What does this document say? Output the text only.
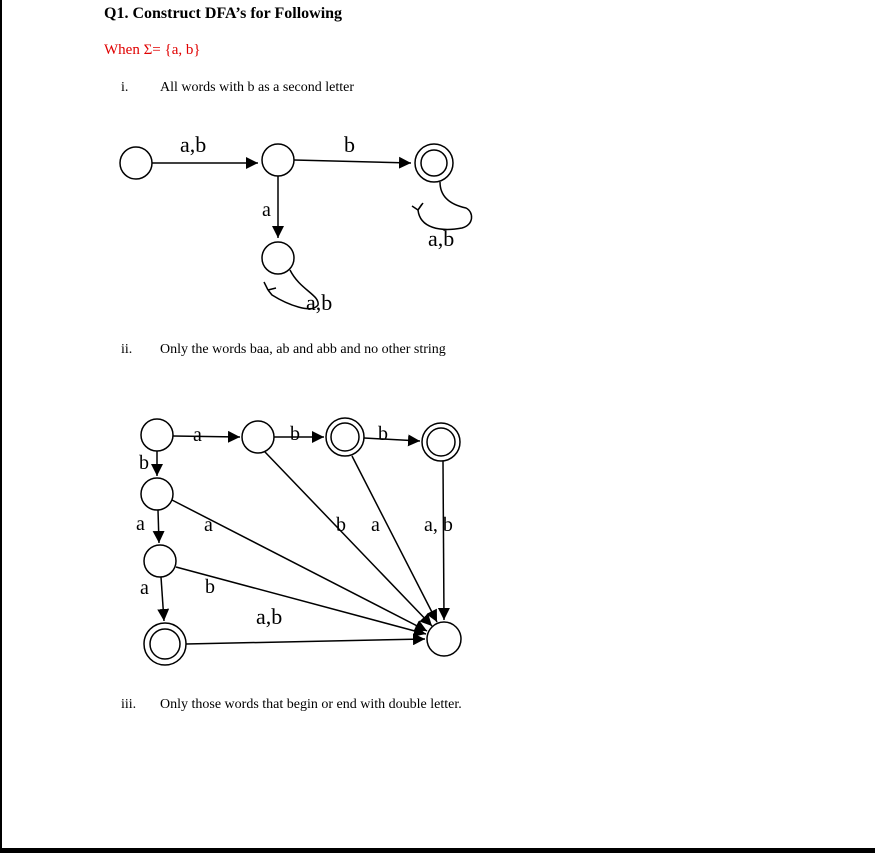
Q1. Construct DFA’s for Following
When Σ= {a, b}
i. All words with b as a second letter
ii. Only the words baa, ab and abb and no other string
iii. Only those words that begin or end with double letter.
a,b	b
a
a,b
a,b
a	b	b
b
a
a
a
b
b a a, b
a,b
